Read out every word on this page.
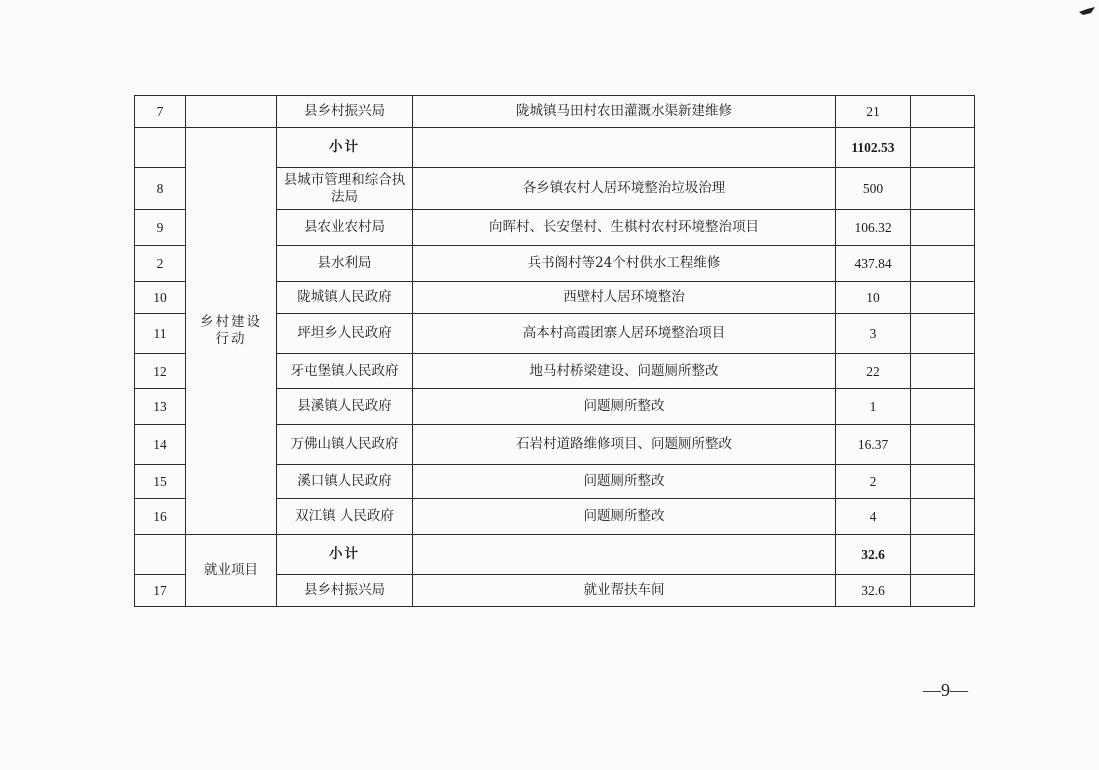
7		县乡村振兴局	陇城镇马田村农田灌溉水渠新建维修	21	
	乡村建设行动	小计		1102.53	
8		县城市管理和综合执法局	各乡镇农村人居环境整治垃圾治理	500	
9		县农业农村局	向晖村、长安堡村、生棋村农村环境整治项目	106.32	
2		县水利局	兵书阁村等24个村供水工程维修	437.84	
10		陇城镇人民政府	西壁村人居环境整治	10	
11		坪坦乡人民政府	高本村高霞团寨人居环境整治项目	3	
12		牙屯堡镇人民政府	地马村桥梁建设、问题厕所整改	22	
13		县溪镇人民政府	问题厕所整改	1	
14		万佛山镇人民政府	石岩村道路维修项目、问题厕所整改	16.37	
15		溪口镇人民政府	问题厕所整改	2	
16		双江镇 人民政府	问题厕所整改	4	
	就业项目	小计		32.6	
17		县乡村振兴局	就业帮扶车间	32.6	
—9—
